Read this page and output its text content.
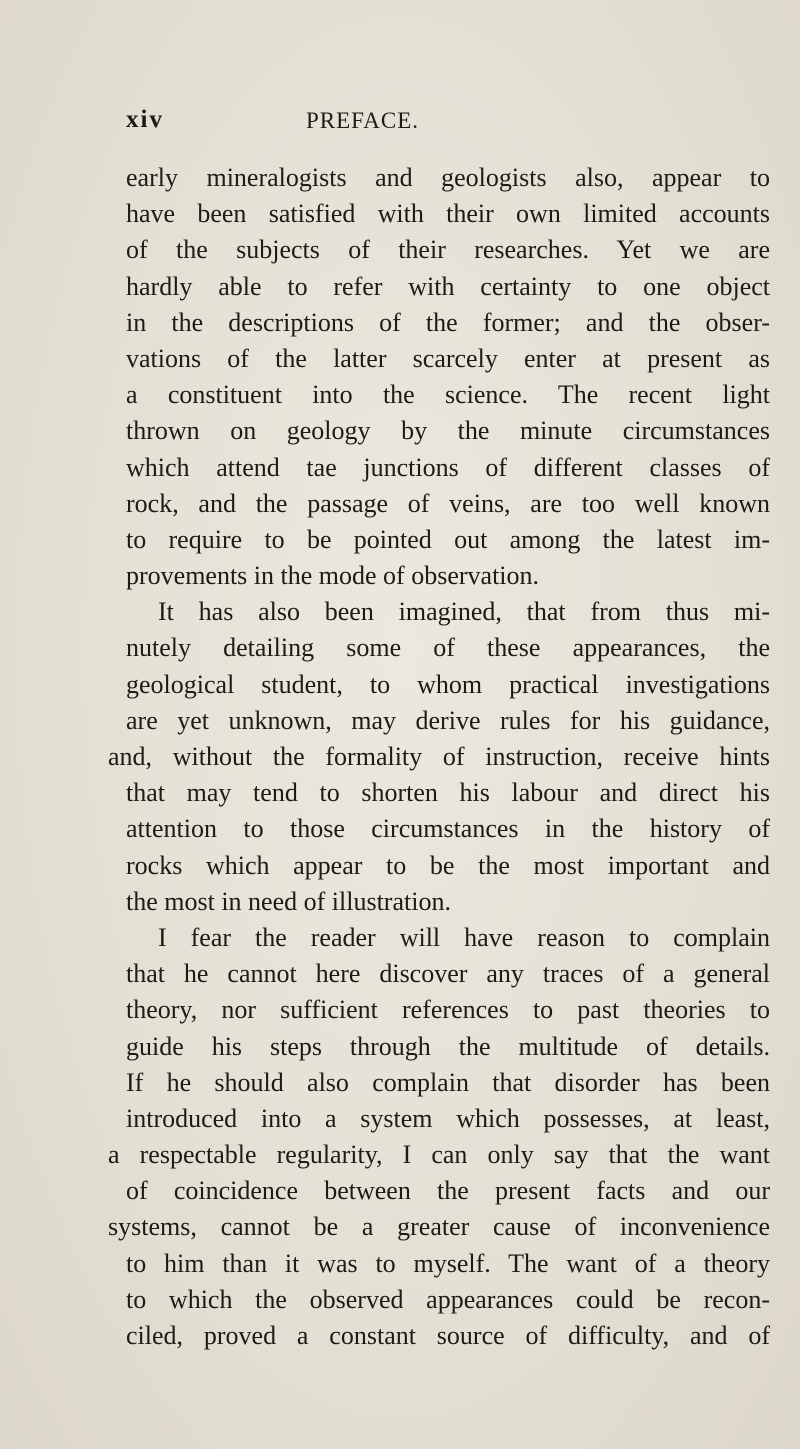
xiv	PREFACE.
early mineralogists and geologists also, appear to
have been satisfied with their own limited accounts
of the subjects of their researches. Yet we are
hardly able to refer with certainty to one object
in the descriptions of the former; and the obser-
vations of the latter scarcely enter at present as
a constituent into the science. The recent light
thrown on geology by the minute circumstances
which attend tae junctions of different classes of
rock, and the passage of veins, are too well known
to require to be pointed out among the latest im-
provements in the mode of observation.
It has also been imagined, that from thus mi-
nutely detailing some of these appearances, the
geological student, to whom practical investigations
are yet unknown, may derive rules for his guidance,
and, without the formality of instruction, receive hints
that may tend to shorten his labour and direct his
attention to those circumstances in the history of
rocks which appear to be the most important and
the most in need of illustration.
I fear the reader will have reason to complain
that he cannot here discover any traces of a general
theory, nor sufficient references to past theories to
guide his steps through the multitude of details.
If he should also complain that disorder has been
introduced into a system which possesses, at least,
a respectable regularity, I can only say that the want
of coincidence between the present facts and our
systems, cannot be a greater cause of inconvenience
to him than it was to myself. The want of a theory
to which the observed appearances could be recon-
ciled, proved a constant source of difficulty, and of
